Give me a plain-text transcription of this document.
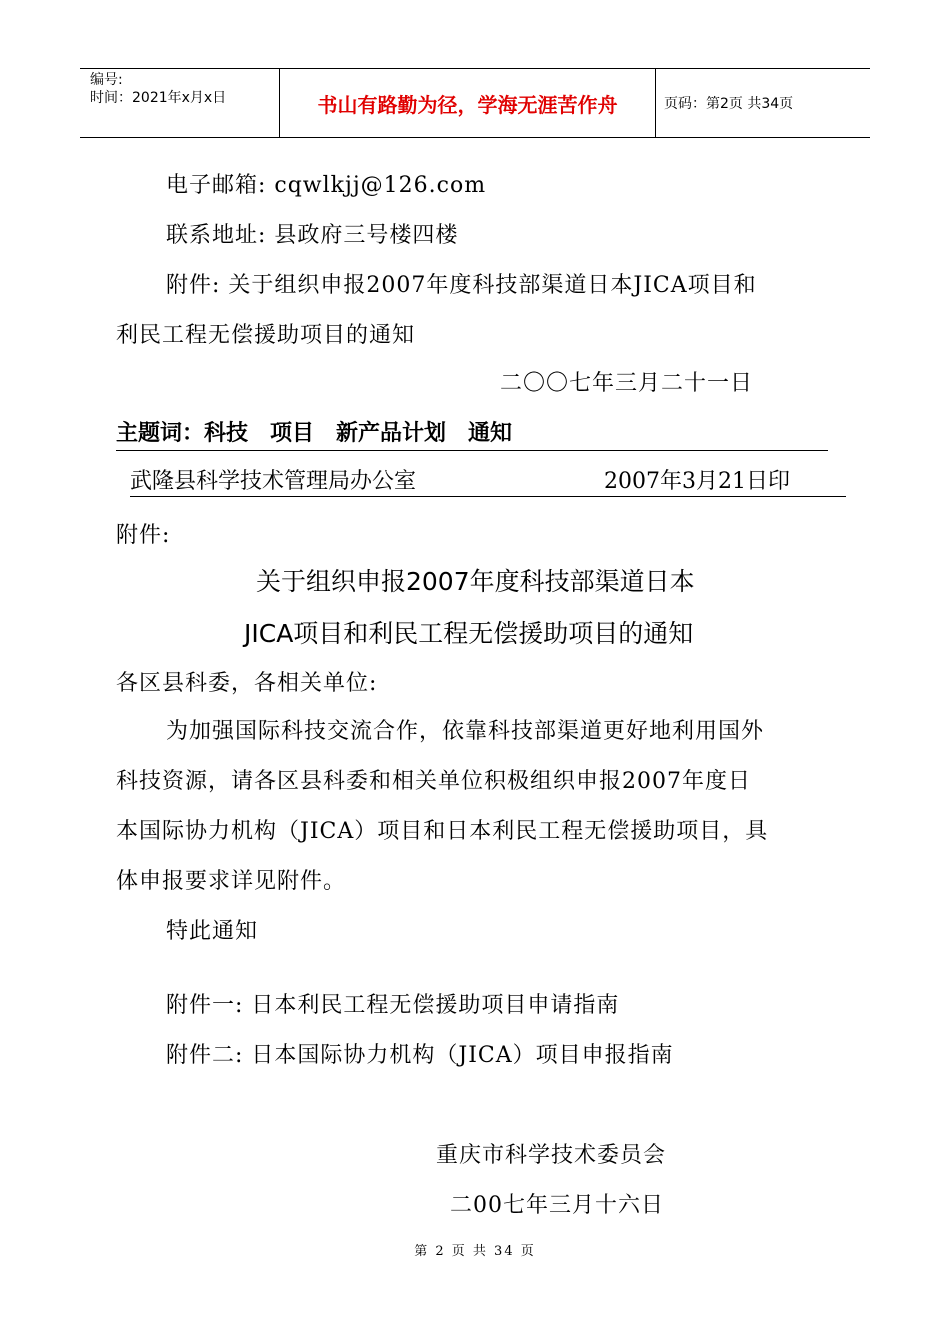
编号:
时间：2021年x月x日	书山有路勤为径，学海无涯苦作舟	页码：第2页 共34页
电子邮箱: cqwlkjj@126.com
联系地址: 县政府三号楼四楼
附件: 关于组织申报2007年度科技部渠道日本JICA项目和
利民工程无偿援助项目的通知
二〇〇七年三月二十一日
主题词：科技 项目 新产品计划 通知
武隆县科学技术管理局办公室	2007年3月21日印
附件:
关于组织申报2007年度科技部渠道日本
JICA项目和利民工程无偿援助项目的通知
各区县科委，各相关单位:
为加强国际科技交流合作，依靠科技部渠道更好地利用国外
科技资源，请各区县科委和相关单位积极组织申报2007年度日
本国际协力机构（JICA）项目和日本利民工程无偿援助项目，具
体申报要求详见附件。
特此通知
附件一: 日本利民工程无偿援助项目申请指南
附件二: 日本国际协力机构（JICA）项目申报指南
重庆市科学技术委员会
二00七年三月十六日
第 2 页 共 34 页
